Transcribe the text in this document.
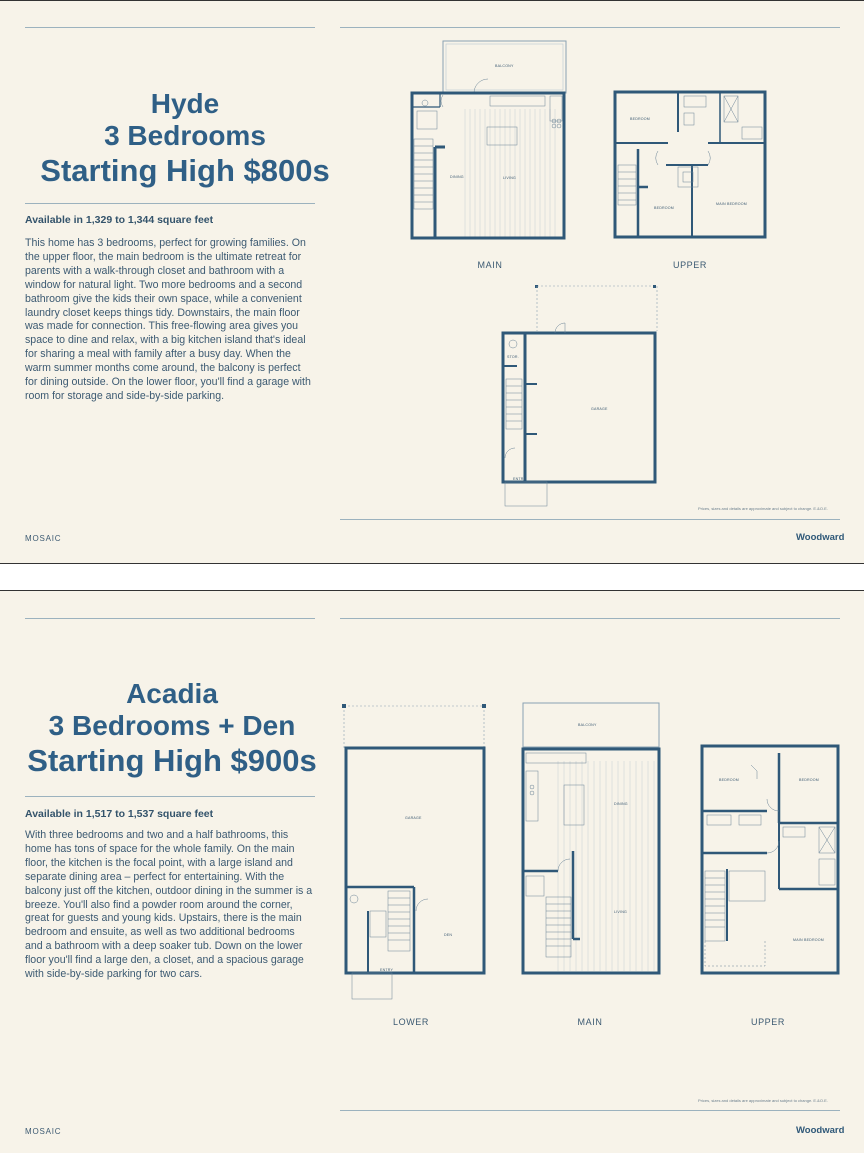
Hyde
3 Bedrooms
Starting High $800s
Available in 1,329 to 1,344 square feet
This home has 3 bedrooms, perfect for growing families. On the upper floor, the main bedroom is the ultimate retreat for parents with a walk-through closet and bathroom with a window for natural light. Two more bedrooms and a second bathroom give the kids their own space, while a convenient laundry closet keeps things tidy. Downstairs, the main floor was made for connection. This free-flowing area gives you space to dine and relax, with a big kitchen island that's ideal for sharing a meal with family after a busy day. When the warm summer months come around, the balcony is perfect for dining outside. On the lower floor, you'll find a garage with room for storage and side-by-side parking.
BALCONY
DINING	LIVING
BEDROOM
BEDROOM
MAIN BEDROOM
MAIN	UPPER
STOR.
GARAGE
ENTRY
Prices, sizes and details are approximate and subject to change. E.&O.E.
MOSAIC	Woodward
Acadia
3 Bedrooms + Den
Starting High $900s
Available in 1,517 to 1,537 square feet
With three bedrooms and two and a half bathrooms, this home has tons of space for the whole family. On the main floor, the kitchen is the focal point, with a large island and separate dining area – perfect for entertaining. With the balcony just off the kitchen, outdoor dining in the summer is a breeze. You'll also find a powder room around the corner, great for guests and young kids. Upstairs, there is the main bedroom and ensuite, as well as two additional bedrooms and a bathroom with a deep soaker tub. Down on the lower floor you'll find a large den, a closet, and a spacious garage with side-by-side parking for two cars.
GARAGE
DEN
ENTRY
BALCONY
DINING
LIVING
BEDROOM	BEDROOM
MAIN BEDROOM
LOWER	MAIN	UPPER
Prices, sizes and details are approximate and subject to change. E.&O.E.
MOSAIC	Woodward
